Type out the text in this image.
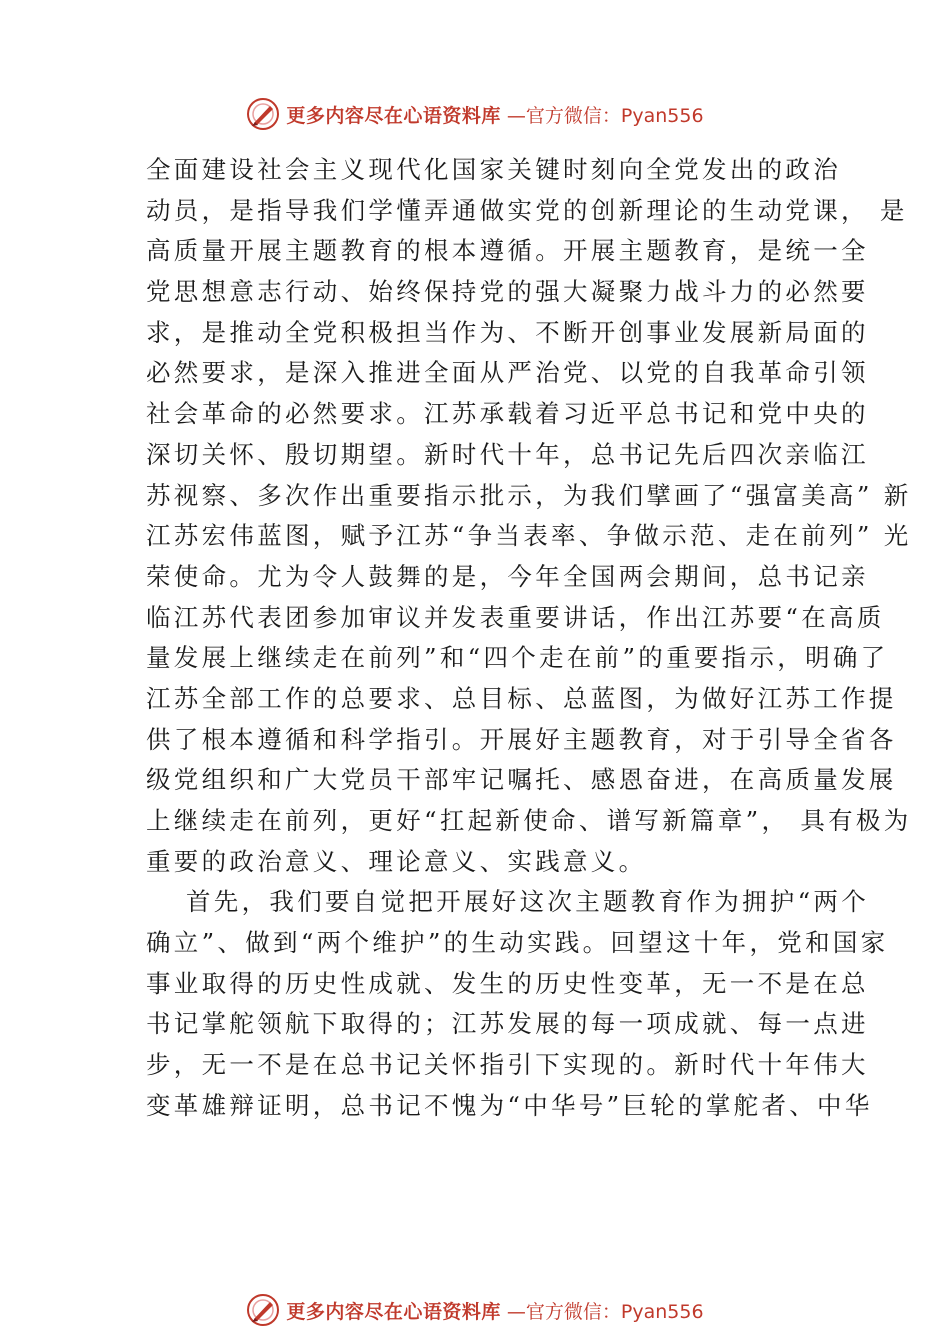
更多内容尽在心语资料库 —官方微信：Pyan556
全面建设社会主义现代化国家关键时刻向全党发出的政治
动员，是指导我们学懂弄通做实党的创新理论的生动党课， 是
高质量开展主题教育的根本遵循。开展主题教育，是统一全
党思想意志行动、始终保持党的强大凝聚力战斗力的必然要
求，是推动全党积极担当作为、不断开创事业发展新局面的
必然要求，是深入推进全面从严治党、以党的自我革命引领
社会革命的必然要求。江苏承载着习近平总书记和党中央的
深切关怀、殷切期望。新时代十年，总书记先后四次亲临江
苏视察、多次作出重要指示批示，为我们擘画了“强富美高” 新
江苏宏伟蓝图，赋予江苏“争当表率、争做示范、走在前列” 光
荣使命。尤为令人鼓舞的是，今年全国两会期间，总书记亲
临江苏代表团参加审议并发表重要讲话，作出江苏要“在高质
量发展上继续走在前列”和“四个走在前”的重要指示，明确了
江苏全部工作的总要求、总目标、总蓝图，为做好江苏工作提
供了根本遵循和科学指引。开展好主题教育，对于引导全省各
级党组织和广大党员干部牢记嘱托、感恩奋进，在高质量发展
上继续走在前列，更好“扛起新使命、谱写新篇章”， 具有极为
重要的政治意义、理论意义、实践意义。
首先，我们要自觉把开展好这次主题教育作为拥护“两个
确立”、做到“两个维护”的生动实践。回望这十年，党和国家
事业取得的历史性成就、发生的历史性变革，无一不是在总
书记掌舵领航下取得的；江苏发展的每一项成就、每一点进
步，无一不是在总书记关怀指引下实现的。新时代十年伟大
变革雄辩证明，总书记不愧为“中华号”巨轮的掌舵者、中华
更多内容尽在心语资料库 —官方微信：Pyan556
